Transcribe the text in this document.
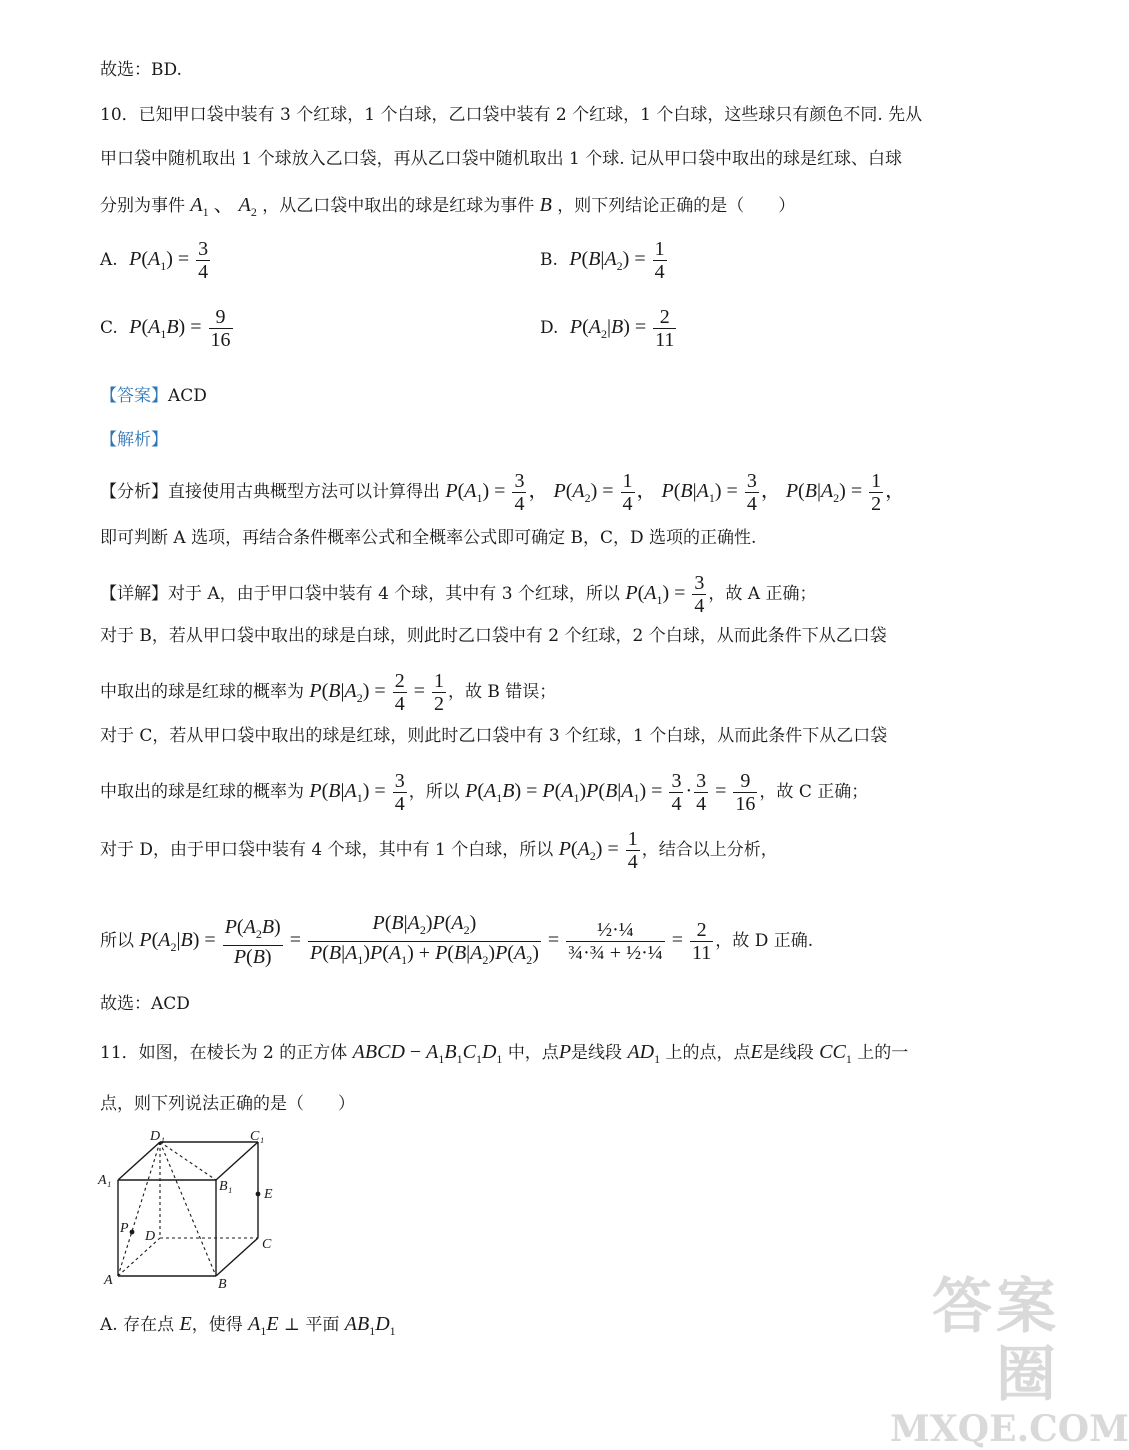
故选：BD.
10．已知甲口袋中装有 3 个红球，1 个白球，乙口袋中装有 2 个红球，1 个白球，这些球只有颜色不同. 先从
甲口袋中随机取出 1 个球放入乙口袋，再从乙口袋中随机取出 1 个球. 记从甲口袋中取出的球是红球、白球
分别为事件 $A_1$ 、 $A_2$ ，从乙口袋中取出的球是红球为事件 B ，则下列结论正确的是（　　）
A. $P(A_1) = \frac{3}{4}$	B. $P(B|A_2) = \frac{1}{4}$
C. $P(A_1B) = \frac{9}{16}$	D. $P(A_2|B) = \frac{2}{11}$
【答案】ACD
【解析】
【分析】直接使用古典概型方法可以计算得出 $P(A_1) = \frac{3}{4}$ ， $P(A_2) = \frac{1}{4}$ ， $P(B|A_1) = \frac{3}{4}$ ， $P(B|A_2) = \frac{1}{2}$ ，
即可判断 A 选项，再结合条件概率公式和全概率公式即可确定 B，C，D 选项的正确性.
【详解】对于 A，由于甲口袋中装有 4 个球，其中有 3 个红球，所以 $P(A_1) = \frac{3}{4}$ ，故 A 正确；
对于 B，若从甲口袋中取出的球是白球，则此时乙口袋中有 2 个红球，2 个白球，从而此条件下从乙口袋
中取出的球是红球的概率为 $P(B|A_2) = \frac{2}{4} = \frac{1}{2}$ ，故 B 错误；
对于 C，若从甲口袋中取出的球是红球，则此时乙口袋中有 3 个红球，1 个白球，从而此条件下从乙口袋
中取出的球是红球的概率为 $P(B|A_1) = \frac{3}{4}$ ，所以 $P(A_1B) = P(A_1)P(B|A_1) = \frac{3}{4} \cdot \frac{3}{4} = \frac{9}{16}$ ，故 C 正确；
对于 D，由于甲口袋中装有 4 个球，其中有 1 个白球，所以 $P(A_2) = \frac{1}{4}$ ，结合以上分析，
所以 $P(A_2|B) = \frac{P(A_2B)}{P(B)} = \frac{P(B|A_2)P(A_2)}{P(B|A_1)P(A_1) + P(B|A_2)P(A_2)} = \frac{\text{½·¼}}{\text{¾·¾ + ½·¼}} = \frac{2}{11}$ ，故 D 正确.
故选：ACD
11．如图，在棱长为 2 的正方体 ABCD − $A_1B_1C_1D_1$ 中，点P是线段 $AD_1$ 上的点，点E是线段 $CC_1$ 上的一
点，则下列说法正确的是（　　）
D₁	C₁
A₁	B₁
E
P
D
C
A	B
A. 存在点 E，使得 $A_1E$ ⊥ 平面 $AB_1D_1$	答案圈
MXQE.COM
